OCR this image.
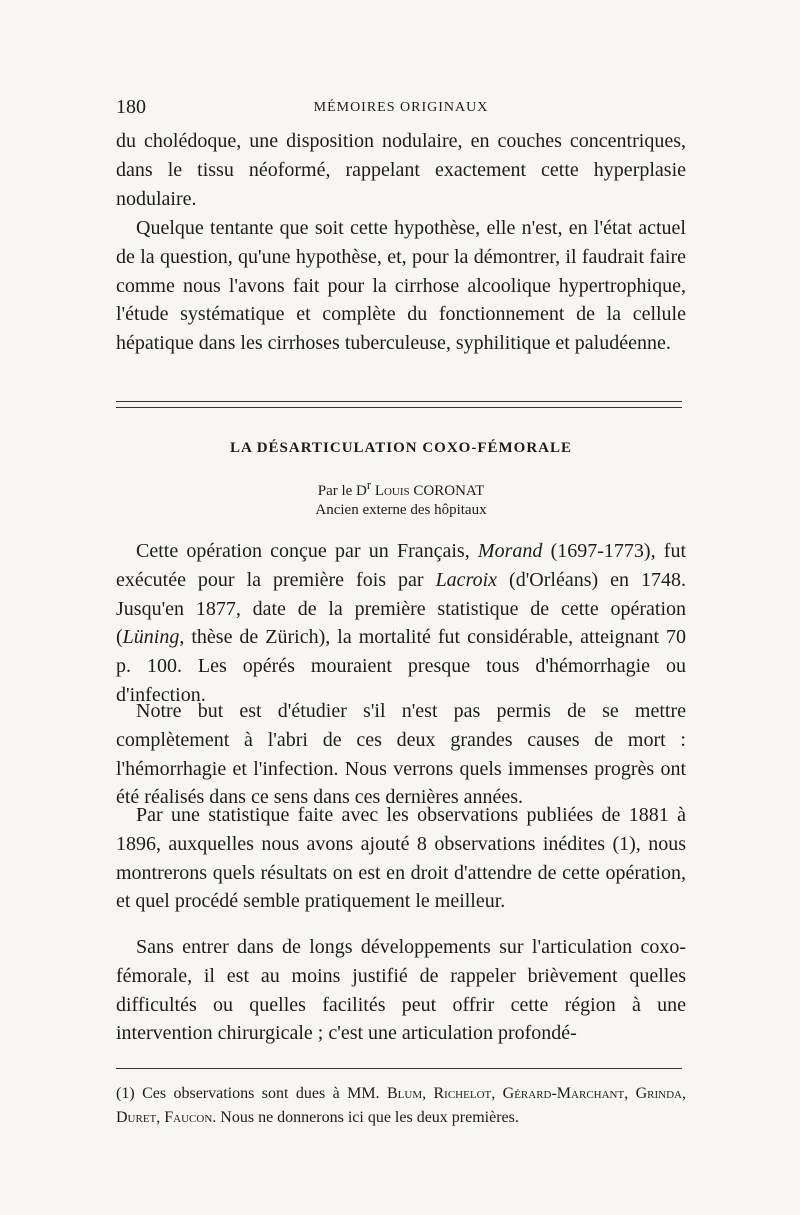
180	MÉMOIRES ORIGINAUX

du cholédoque, une disposition nodulaire, en couches concentriques, dans le tissu néoformé, rappelant exactement cette hyperplasie nodulaire.

Quelque tentante que soit cette hypothèse, elle n'est, en l'état actuel de la question, qu'une hypothèse, et, pour la démontrer, il faudrait faire comme nous l'avons fait pour la cirrhose alcoolique hypertrophique, l'étude systématique et complète du fonctionnement de la cellule hépatique dans les cirrhoses tuberculeuse, syphilitique et paludéenne.

LA DÉSARTICULATION COXO-FÉMORALE

Par le $D^r$ Louis CORONAT

Ancien externe des hôpitaux

Cette opération conçue par un Français, Morand (1697-1773), fut exécutée pour la première fois par Lacroix (d'Orléans) en 1748. Jusqu'en 1877, date de la première statistique de cette opération (Lüning, thèse de Zürich), la mortalité fut considérable, atteignant 70 p. 100. Les opérés mouraient presque tous d'hémorrhagie ou d'infection.

Notre but est d'étudier s'il n'est pas permis de se mettre complètement à l'abri de ces deux grandes causes de mort : l'hémorrhagie et l'infection. Nous verrons quels immenses progrès ont été réalisés dans ce sens dans ces dernières années.

Par une statistique faite avec les observations publiées de 1881 à 1896, auxquelles nous avons ajouté 8 observations inédites (1), nous montrerons quels résultats on est en droit d'attendre de cette opération, et quel procédé semble pratiquement le meilleur.

Sans entrer dans de longs développements sur l'articulation coxo-fémorale, il est au moins justifié de rappeler brièvement quelles difficultés ou quelles facilités peut offrir cette région à une intervention chirurgicale ; c'est une articulation profondé-

(1) Ces observations sont dues à MM. Blum, Richelot, Gérard-Marchant, Grinda, Duret, Faucon. Nous ne donnerons ici que les deux premières.
